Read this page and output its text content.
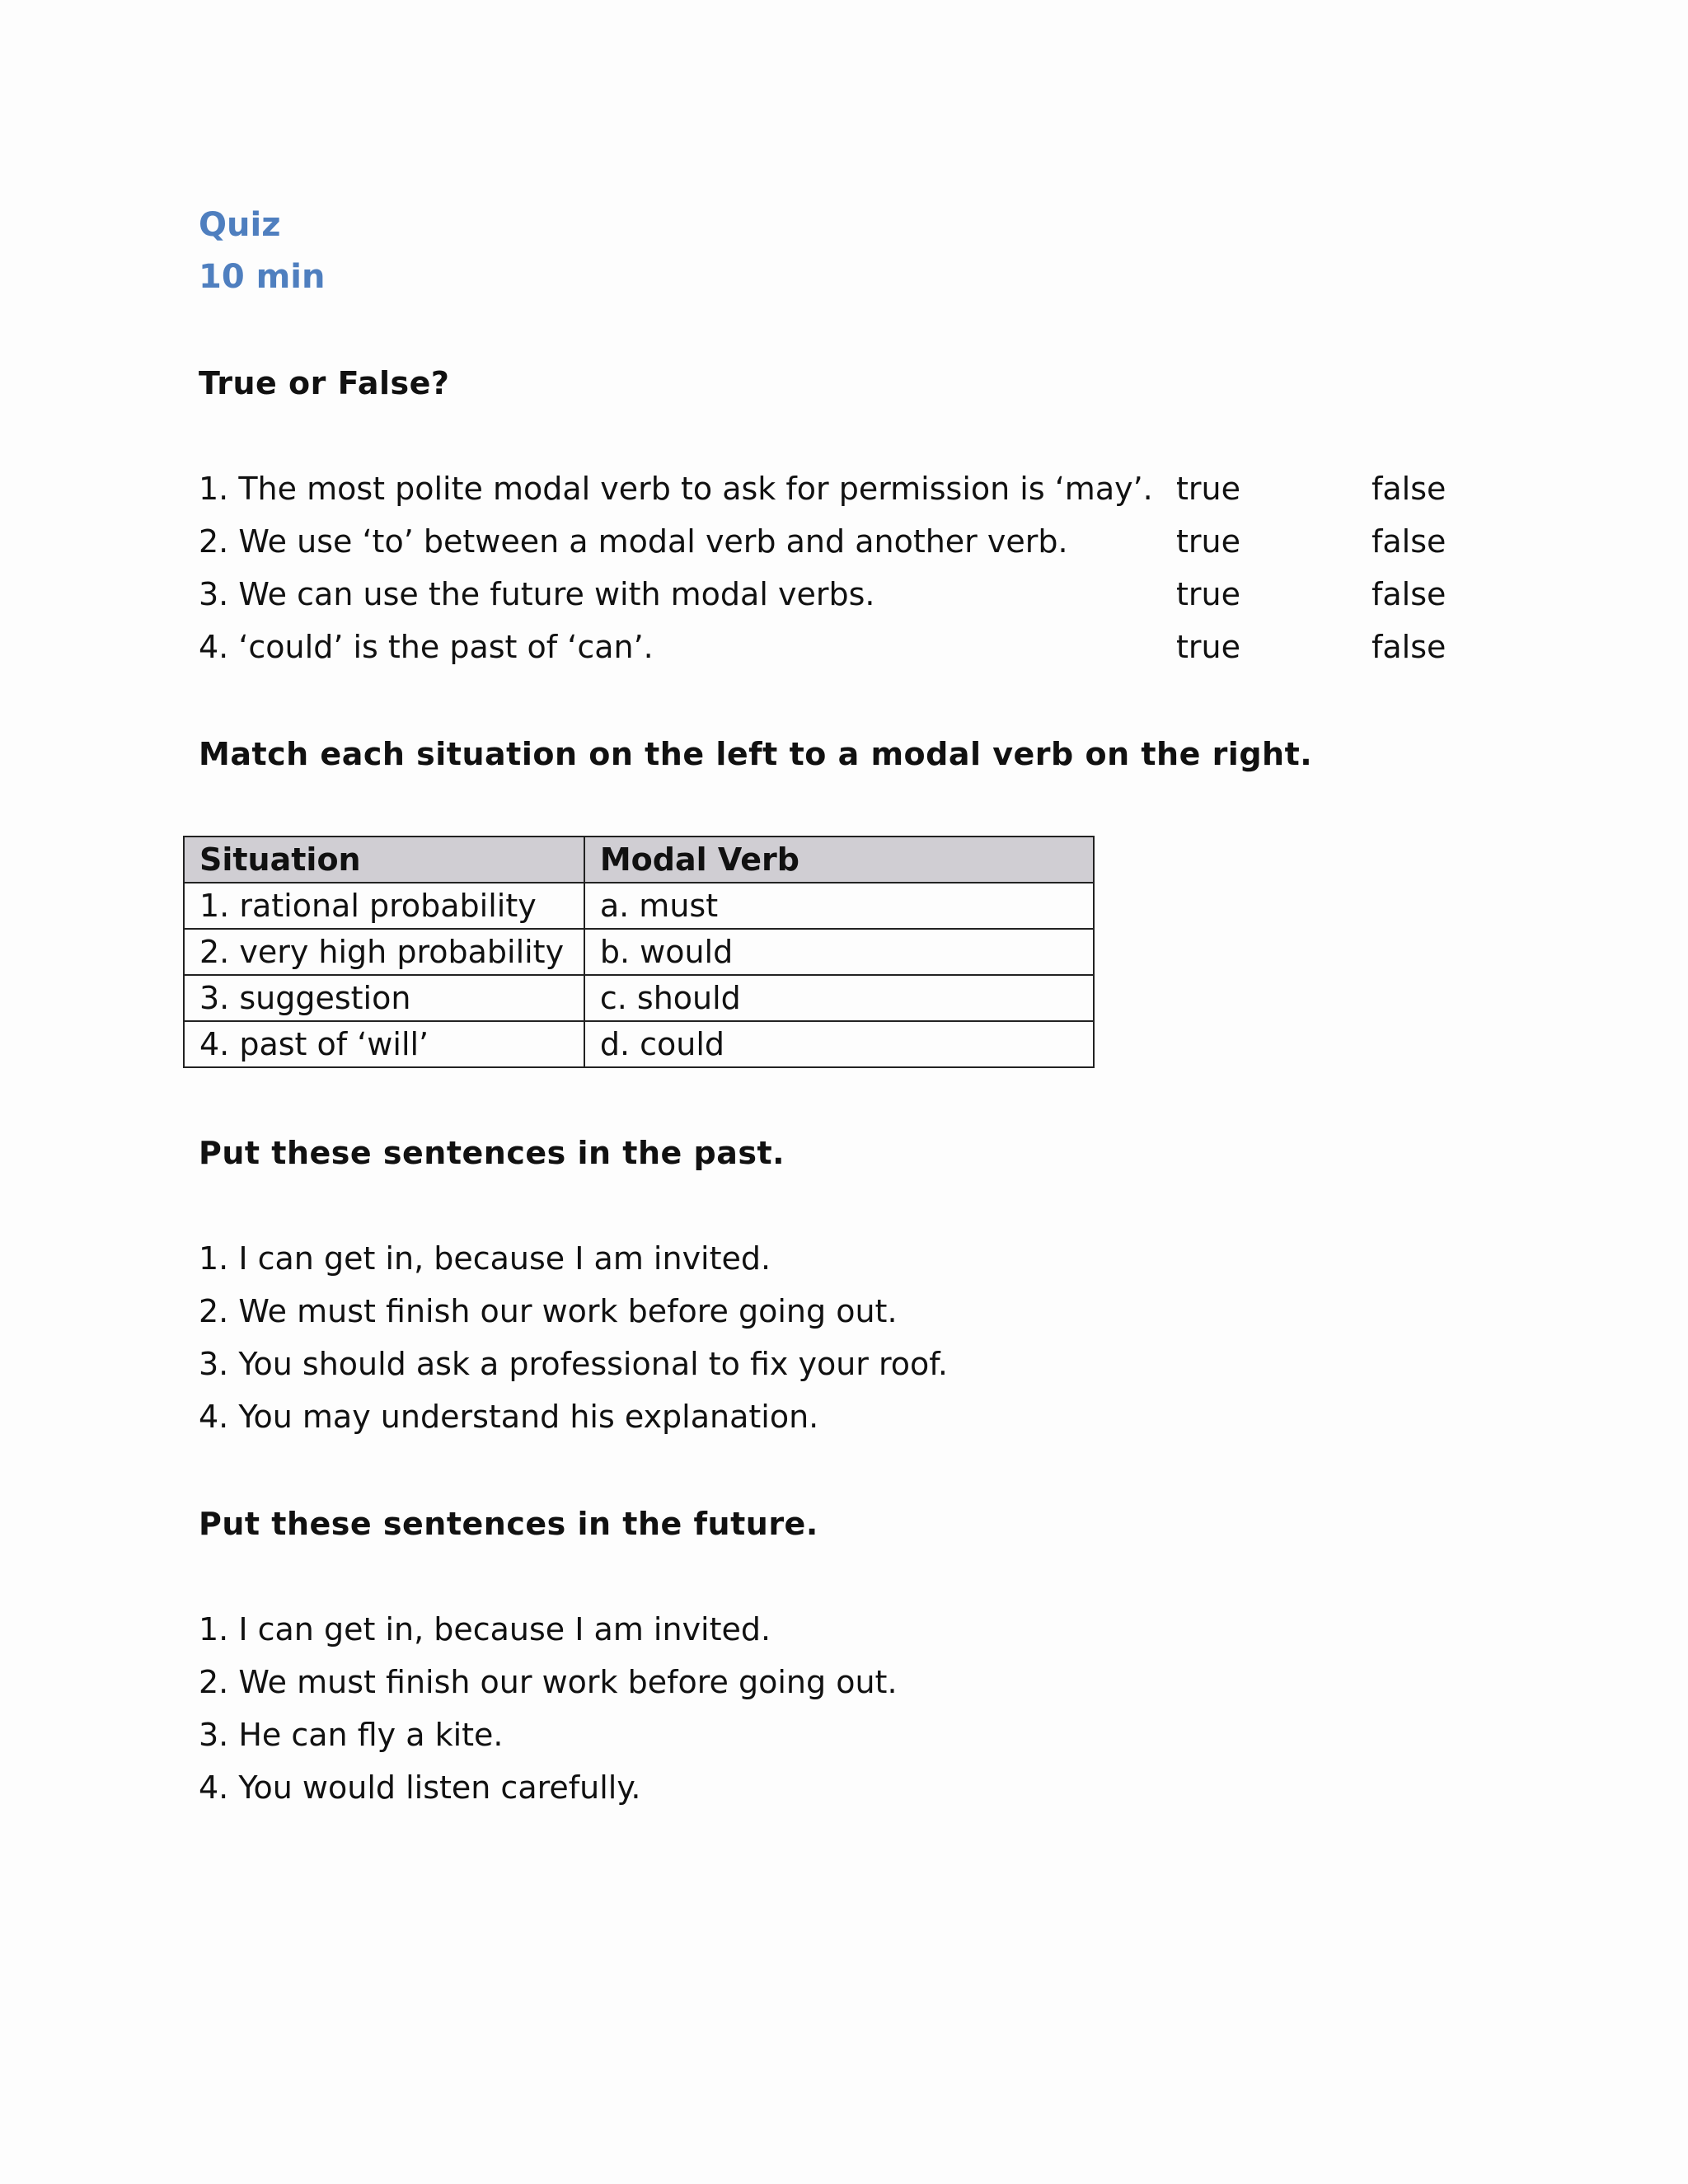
Quiz
10 min
True or False?
1. The most polite modal verb to ask for permission is ‘may’. true	false
2. We use ‘to’ between a modal verb and another verb.	true	false
3. We can use the future with modal verbs.	true	false
4. ‘could’ is the past of ‘can’.	true	false
Match each situation on the left to a modal verb on the right.
Situation	Modal Verb
1. rational probability	a. must
2. very high probability	b. would
3. suggestion	c. should
4. past of ‘will’	d. could
Put these sentences in the past.
1. I can get in, because I am invited.
2. We must finish our work before going out.
3. You should ask a professional to fix your roof.
4. You may understand his explanation.
Put these sentences in the future.
1. I can get in, because I am invited.
2. We must finish our work before going out.
3. He can fly a kite.
4. You would listen carefully.
